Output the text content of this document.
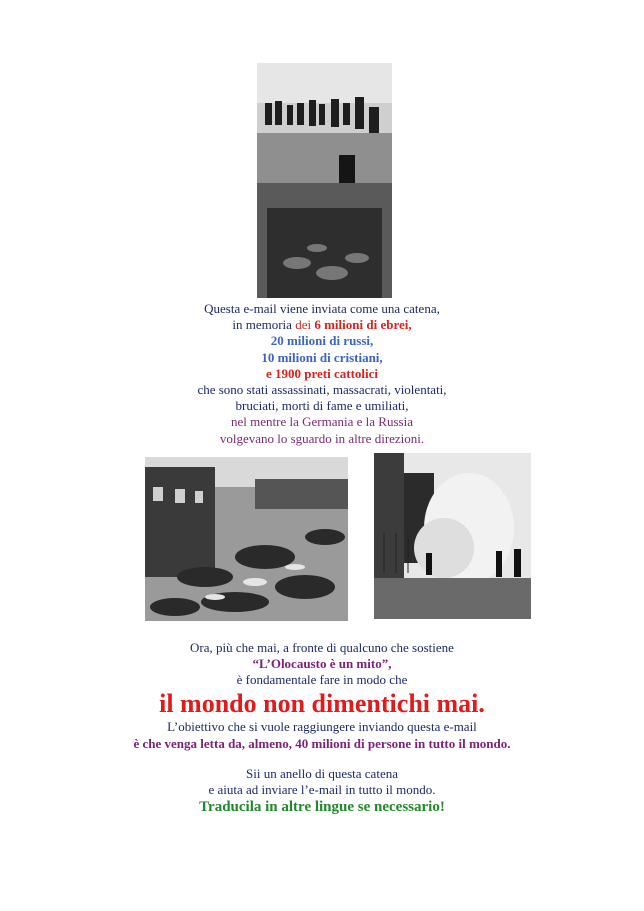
Questa e-mail viene inviata come una catena,
in memoria dei 6 milioni di ebrei,
20 milioni di russi,
10 milioni di cristiani,
e 1900 preti cattolici
che sono stati assassinati, massacrati, violentati,
bruciati, morti di fame e umiliati,
nel mentre la Germania e la Russia
volgevano lo sguardo in altre direzioni.
Ora, più che mai, a fronte di qualcuno che sostiene
“L’Olocausto è un mito”,
è fondamentale fare in modo che
il mondo non dimentichi mai.
L’obiettivo che si vuole raggiungere inviando questa e-mail
è che venga letta da, almeno, 40 milioni di persone in tutto il mondo.
Sii un anello di questa catena
e aiuta ad inviare l’e-mail in tutto il mondo.
Traducila in altre lingue se necessario!
